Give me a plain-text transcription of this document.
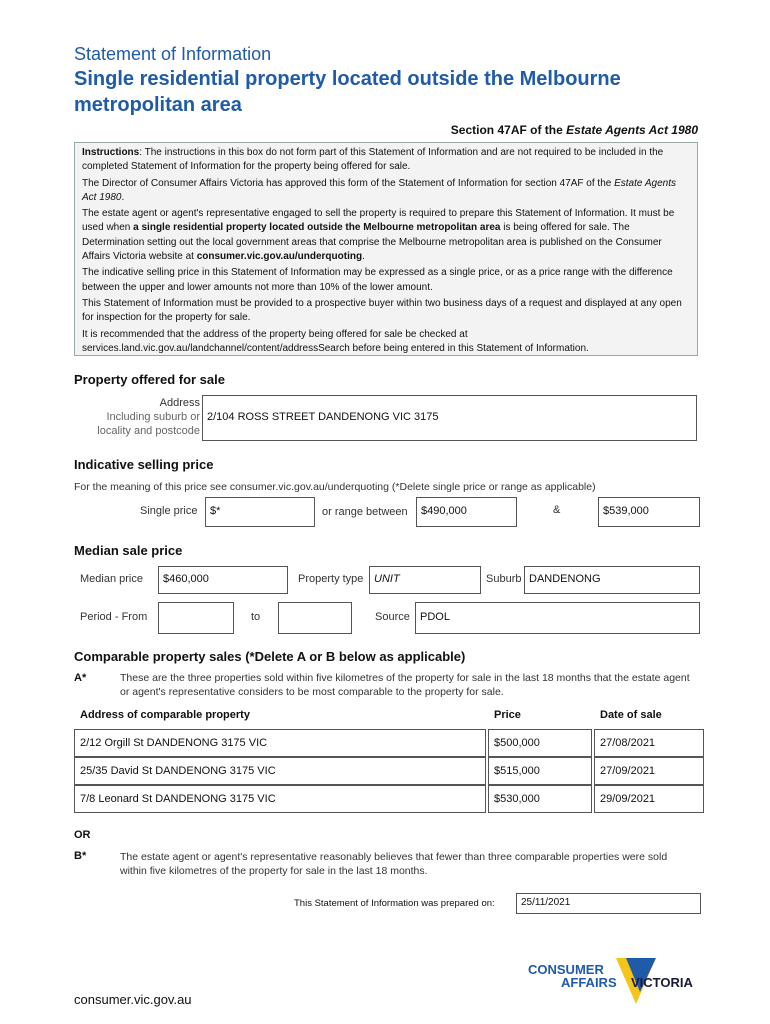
Statement of Information
Single residential property located outside the Melbourne metropolitan area
Section 47AF of the Estate Agents Act 1980

Instructions: The instructions in this box do not form part of this Statement of Information and are not required to be included in the completed Statement of Information for the property being offered for sale.

The Director of Consumer Affairs Victoria has approved this form of the Statement of Information for section 47AF of the Estate Agents Act 1980.

The estate agent or agent's representative engaged to sell the property is required to prepare this Statement of Information. It must be used when a single residential property located outside the Melbourne metropolitan area is being offered for sale. The Determination setting out the local government areas that comprise the Melbourne metropolitan area is published on the Consumer Affairs Victoria website at consumer.vic.gov.au/underquoting.

The indicative selling price in this Statement of Information may be expressed as a single price, or as a price range with the difference between the upper and lower amounts not more than 10% of the lower amount.

This Statement of Information must be provided to a prospective buyer within two business days of a request and displayed at any open for inspection for the property for sale.

It is recommended that the address of the property being offered for sale be checked at services.land.vic.gov.au/landchannel/content/addressSearch before being entered in this Statement of Information.

Property offered for sale
Address
Including suburb or
locality and postcode
2/104 ROSS STREET DANDENONG VIC 3175
Indicative selling price
For the meaning of this price see consumer.vic.gov.au/underquoting (*Delete single price or range as applicable)
Single price	$*	or range between	$490,000	&	$539,000
Median sale price
Median price	$460,000	Property type UNIT	Suburb DANDENONG
Period - From	to	Source PDOL
Comparable property sales (*Delete A or B below as applicable)
A*	These are the three properties sold within five kilometres of the property for sale in the last 18 months that the estate agent or agent's representative considers to be most comparable to the property for sale.
Address of comparable property	Price	Date of sale
2/12 Orgill St DANDENONG 3175 VIC	$500,000	27/08/2021
25/35 David St DANDENONG 3175 VIC	$515,000	27/09/2021
7/8 Leonard St DANDENONG 3175 VIC	$530,000	29/09/2021
OR
B*	The estate agent or agent's representative reasonably believes that fewer than three comparable properties were sold within five kilometres of the property for sale in the last 18 months.
This Statement of Information was prepared on:	25/11/2021
CONSUMER
AFFAIRS VICTORIA
consumer.vic.gov.au
